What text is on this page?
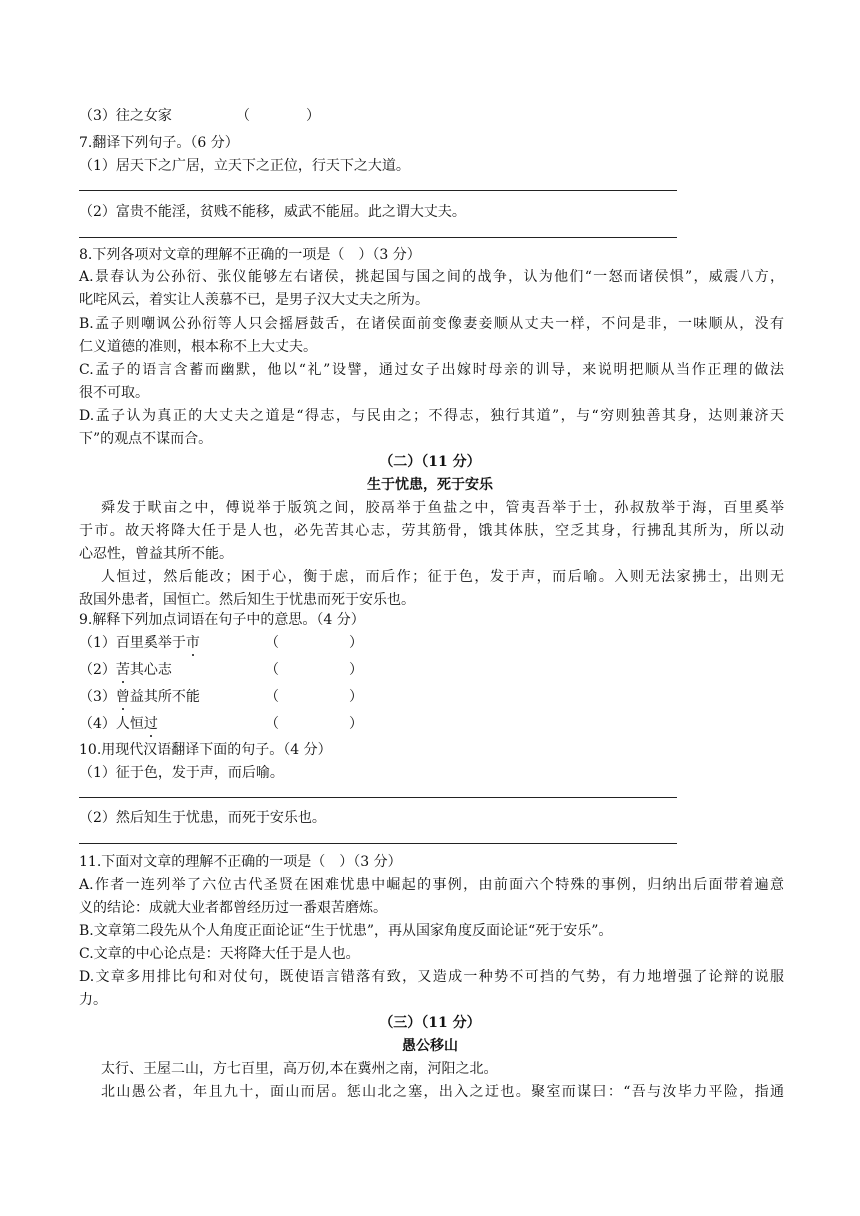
（3）往之女家	（　　　　）
7.翻译下列句子。（6 分）
（1）居天下之广居，立天下之正位，行天下之大道。
（2）富贵不能淫，贫贱不能移，威武不能屈。此之谓大丈夫。
8.下列各项对文章的理解不正确的一项是（　）（3 分）
A.景春认为公孙衍、张仪能够左右诸侯，挑起国与国之间的战争，认为他们“一怒而诸侯惧”，威震八方，
叱咤风云，着实让人羡慕不已，是男子汉大丈夫之所为。
B.孟子则嘲讽公孙衍等人只会摇唇鼓舌，在诸侯面前变像妻妾顺从丈夫一样，不问是非，一味顺从，没有
仁义道德的准则，根本称不上大丈夫。
C.孟子的语言含蓄而幽默，他以“礼”设譬，通过女子出嫁时母亲的训导，来说明把顺从当作正理的做法
很不可取。
D.孟子认为真正的大丈夫之道是“得志，与民由之；不得志，独行其道”，与“穷则独善其身，达则兼济天
下”的观点不谋而合。
（二）（11 分）
生于忧患，死于安乐
舜发于畎亩之中，傅说举于版筑之间，胶鬲举于鱼盐之中，管夷吾举于士，孙叔敖举于海，百里奚举
于市。故天将降大任于是人也，必先苦其心志，劳其筋骨，饿其体肤，空乏其身，行拂乱其所为，所以动
心忍性，曾益其所不能。
人恒过，然后能改；困于心，衡于虑，而后作；征于色，发于声，而后喻。入则无法家拂士，出则无
敌国外患者，国恒亡。然后知生于忧患而死于安乐也。
9.解释下列加点词语在句子中的意思。（4 分）
（1）百里奚举于市	（　　　　　）
（2）苦其心志	（　　　　　）
（3）曾益其所不能	（　　　　　）
（4）人恒过	（　　　　　）
10.用现代汉语翻译下面的句子。（4 分）
（1）征于色，发于声，而后喻。
（2）然后知生于忧患，而死于安乐也。
11.下面对文章的理解不正确的一项是（　）（3 分）
A.作者一连列举了六位古代圣贤在困难忧患中崛起的事例，由前面六个特殊的事例，归纳出后面带着遍意
义的结论：成就大业者都曾经历过一番艰苦磨炼。
B.文章第二段先从个人角度正面论证“生于忧患”，再从国家角度反面论证“死于安乐”。
C.文章的中心论点是：天将降大任于是人也。
D.文章多用排比句和对仗句，既使语言错落有致，又造成一种势不可挡的气势，有力地增强了论辩的说服
力。
（三）（11 分）
愚公移山
太行、王屋二山，方七百里，高万仞,本在冀州之南，河阳之北。
北山愚公者，年且九十，面山而居。惩山北之塞，出入之迂也。聚室而谋曰：“吾与汝毕力平险，指通
